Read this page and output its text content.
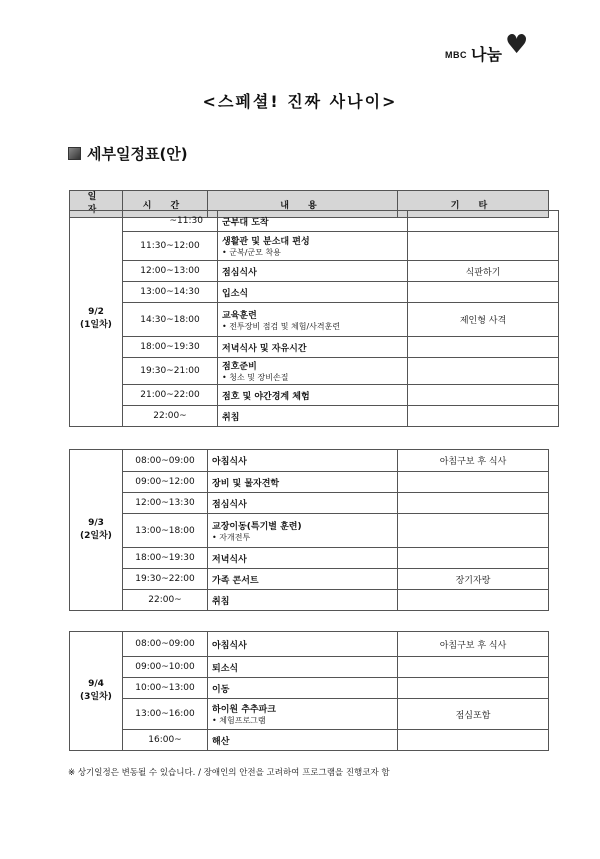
MBC 나눔 ♥
<스페셜! 진짜 사나이>
세부일정표(안)
일 자	시 간	내 용	기 타
9/2
(1일차)	~11:30	군부대 도착	

	11:30~12:00	생활관 및 분소대 편성
• 군복/군모 착용	

	12:00~13:00	점심식사	식판하기
	13:00~14:30	입소식	

	14:30~18:00	교육훈련
• 전투장비 점검 및 체험/사격훈련	제인형 사격
	18:00~19:30	저녁식사 및 자유시간	

	19:30~21:00	점호준비
• 청소 및 장비손질	

	21:00~22:00	점호 및 야간경계 체험	

	22:00~	취침	

9/3
(2일차)	08:00~09:00	아침식사	아침구보 후 식사
	09:00~12:00	장비 및 물자견학	

	12:00~13:30	점심식사	

	13:00~18:00	교장이동(특기별 훈련)
• 자개전투	

	18:00~19:30	저녁식사	

	19:30~22:00	가족 콘서트	장기자랑
	22:00~	취침	

9/4
(3일차)	08:00~09:00	아침식사	아침구보 후 식사
	09:00~10:00	퇴소식	

	10:00~13:00	이동	

	13:00~16:00	하이원 추추파크
• 체험프로그램	점심포함
	16:00~	해산	

※ 상기일정은 변동될 수 있습니다. / 장애인의 안전을 고려하여 프로그램을 진행코자 함
